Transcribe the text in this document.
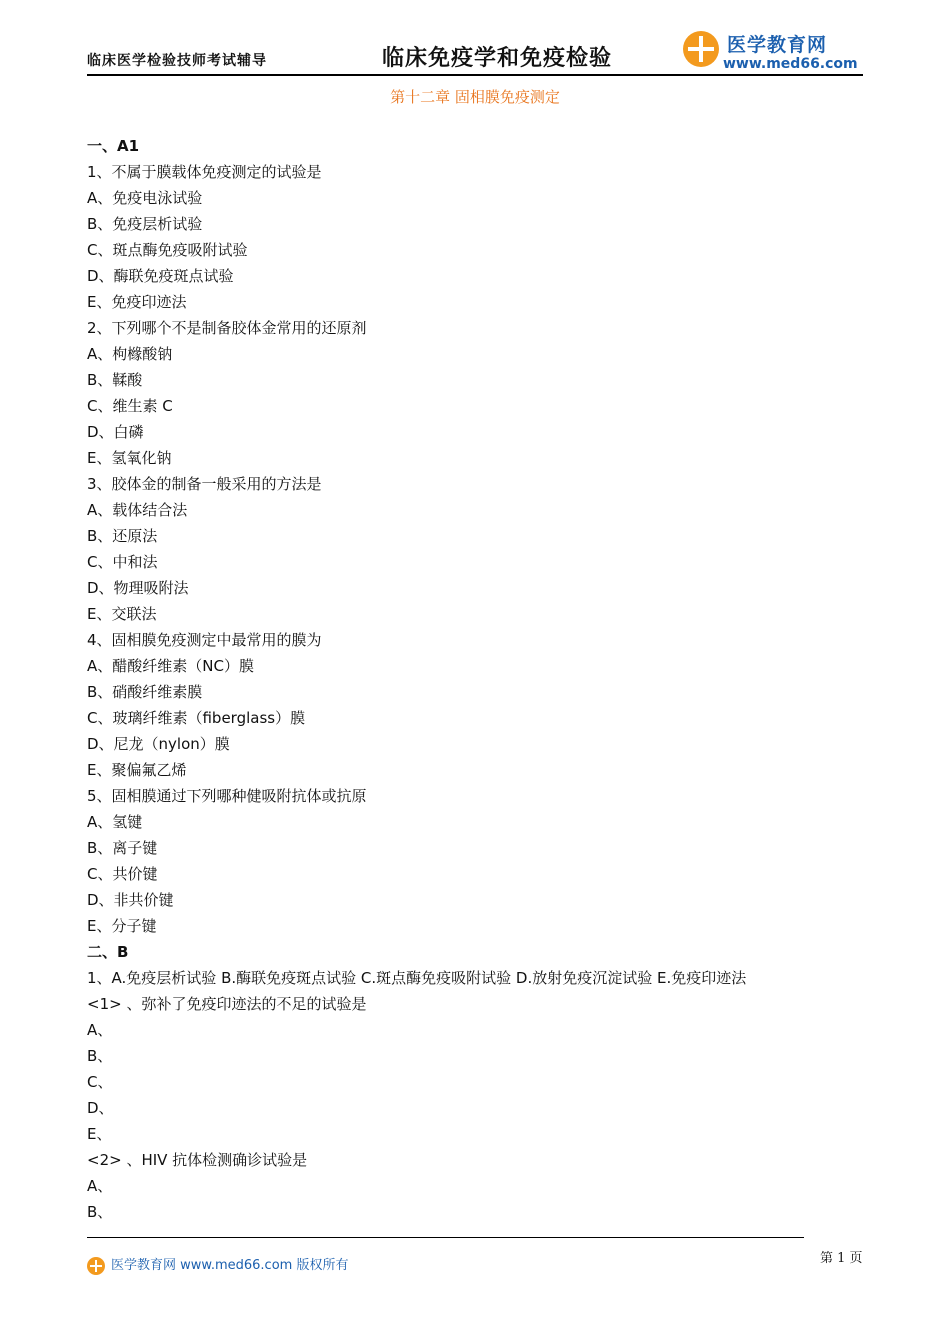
临床医学检验技师考试辅导	临床免疫学和免疫检验
医学教育网
www.med66.com
第十二章 固相膜免疫测定
一、A1
1、不属于膜载体免疫测定的试验是
A、免疫电泳试验
B、免疫层析试验
C、斑点酶免疫吸附试验
D、酶联免疫斑点试验
E、免疫印迹法
2、下列哪个不是制备胶体金常用的还原剂
A、枸橼酸钠
B、鞣酸
C、维生素 C
D、白磷
E、氢氧化钠
3、胶体金的制备一般采用的方法是
A、载体结合法
B、还原法
C、中和法
D、物理吸附法
E、交联法
4、固相膜免疫测定中最常用的膜为
A、醋酸纤维素（NC）膜
B、硝酸纤维素膜
C、玻璃纤维素（fiberglass）膜
D、尼龙（nylon）膜
E、聚偏氟乙烯
5、固相膜通过下列哪种健吸附抗体或抗原
A、氢键
B、离子键
C、共价键
D、非共价键
E、分子键
二、B
1、A.免疫层析试验 B.酶联免疫斑点试验 C.斑点酶免疫吸附试验 D.放射免疫沉淀试验 E.免疫印迹法
<1> 、弥补了免疫印迹法的不足的试验是
A、
B、
C、
D、
E、
<2> 、HIV 抗体检测确诊试验是
A、
B、
第 1 页
医学教育网 www.med66.com 版权所有
